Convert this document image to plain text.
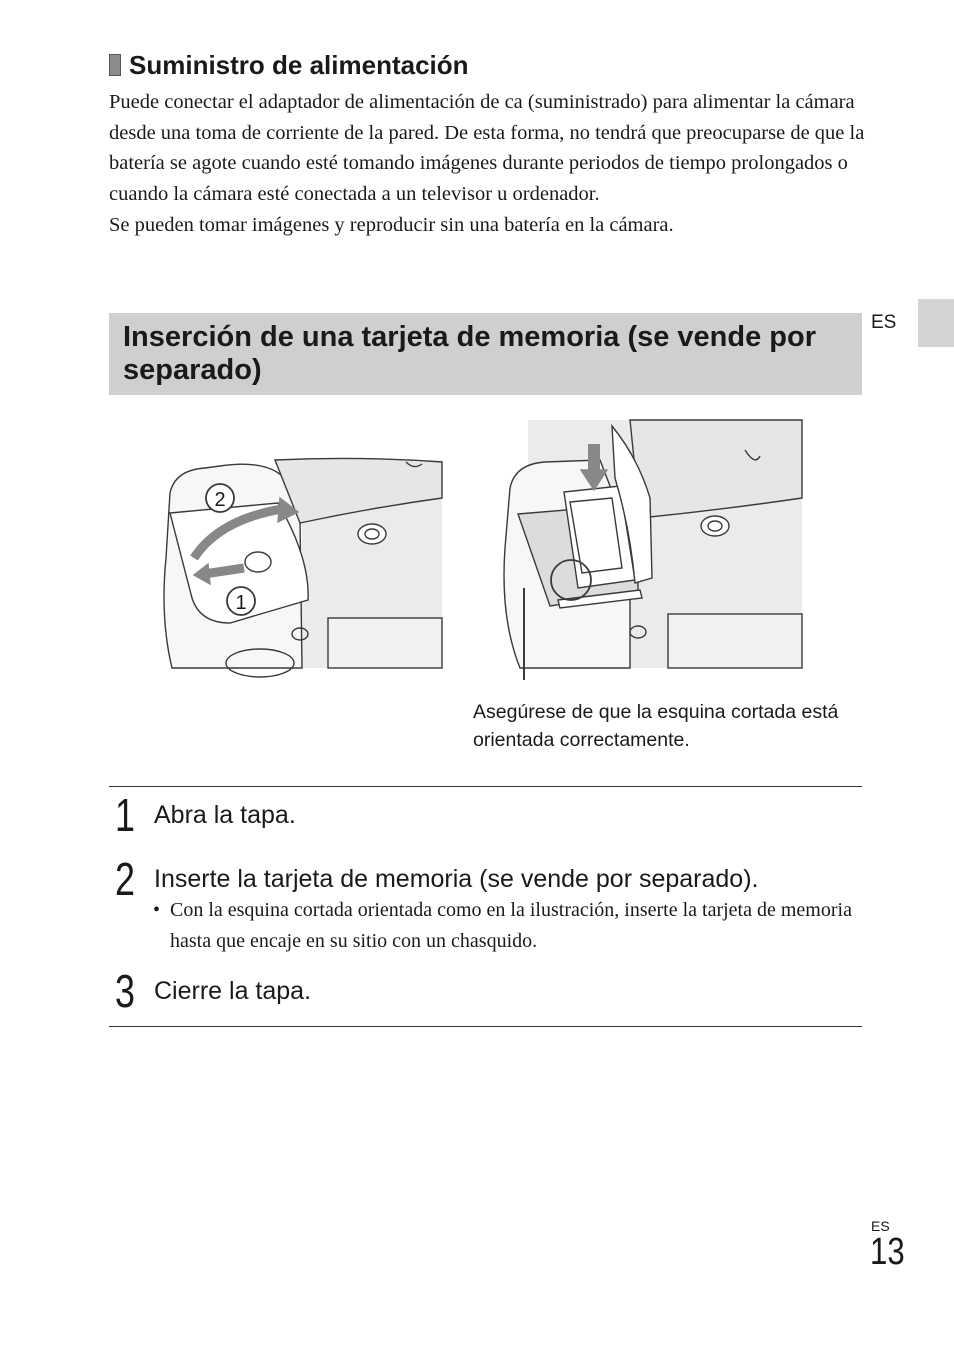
Suministro de alimentación

Puede conectar el adaptador de alimentación de ca (suministrado) para alimentar la cámara desde una toma de corriente de la pared. De esta forma, no tendrá que preocuparse de que la batería se agote cuando esté tomando imágenes durante periodos de tiempo prolongados o cuando la cámara esté conectada a un televisor u ordenador.

Se pueden tomar imágenes y reproducir sin una batería en la cámara.

ES
Inserción de una tarjeta de memoria (se vende por separado)
2
1
Asegúrese de que la esquina cortada está orientada correctamente.
1 Abra la tapa.
2 Inserte la tarjeta de memoria (se vende por separado).
• Con la esquina cortada orientada como en la ilustración, inserte la tarjeta de memoria hasta que encaje en su sitio con un chasquido.
3 Cierre la tapa.
ES
13
